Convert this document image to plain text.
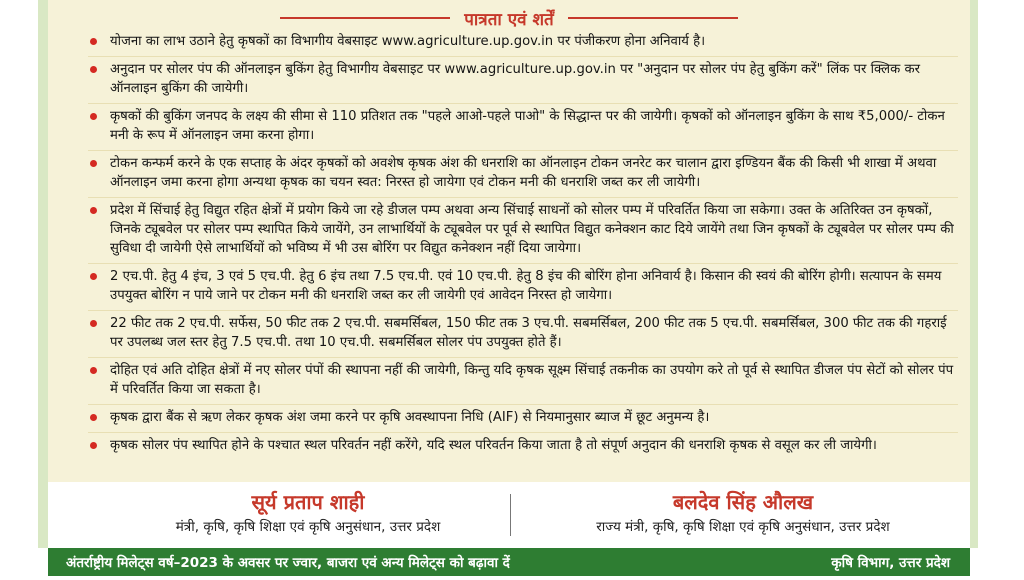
पात्रता एवं शर्तें
योजना का लाभ उठाने हेतु कृषकों का विभागीय वेबसाइट www.agriculture.up.gov.in पर पंजीकरण होना अनिवार्य है।
अनुदान पर सोलर पंप की ऑनलाइन बुकिंग हेतु विभागीय वेबसाइट पर www.agriculture.up.gov.in पर "अनुदान पर सोलर पंप हेतु बुकिंग करें" लिंक पर क्लिक कर ऑनलाइन बुकिंग की जायेगी।
कृषकों की बुकिंग जनपद के लक्ष्य की सीमा से 110 प्रतिशत तक "पहले आओ-पहले पाओ" के सिद्धान्त पर की जायेगी। कृषकों को ऑनलाइन बुकिंग के साथ ₹5,000/- टोकन मनी के रूप में ऑनलाइन जमा करना होगा।
टोकन कन्फर्म करने के एक सप्ताह के अंदर कृषकों को अवशेष कृषक अंश की धनराशि का ऑनलाइन टोकन जनरेट कर चालान द्वारा इण्डियन बैंक की किसी भी शाखा में अथवा ऑनलाइन जमा करना होगा अन्यथा कृषक का चयन स्वत: निरस्त हो जायेगा एवं टोकन मनी की धनराशि जब्त कर ली जायेगी।
प्रदेश में सिंचाई हेतु विद्युत रहित क्षेत्रों में प्रयोग किये जा रहे डीजल पम्प अथवा अन्य सिंचाई साधनों को सोलर पम्प में परिवर्तित किया जा सकेगा। उक्त के अतिरिक्त उन कृषकों, जिनके ट्यूबवेल पर सोलर पम्प स्थापित किये जायेंगे, उन लाभार्थियों के ट्यूबवेल पर पूर्व से स्थापित विद्युत कनेक्शन काट दिये जायेंगे तथा जिन कृषकों के ट्यूबवेल पर सोलर पम्प की सुविधा दी जायेगी ऐसे लाभार्थियों को भविष्य में भी उस बोरिंग पर विद्युत कनेक्शन नहीं दिया जायेगा।
2 एच.पी. हेतु 4 इंच, 3 एवं 5 एच.पी. हेतु 6 इंच तथा 7.5 एच.पी. एवं 10 एच.पी. हेतु 8 इंच की बोरिंग होना अनिवार्य है। किसान की स्वयं की बोरिंग होगी। सत्यापन के समय उपयुक्त बोरिंग न पाये जाने पर टोकन मनी की धनराशि जब्त कर ली जायेगी एवं आवेदन निरस्त हो जायेगा।
22 फीट तक 2 एच.पी. सर्फेस, 50 फीट तक 2 एच.पी. सबमर्सिबल, 150 फीट तक 3 एच.पी. सबमर्सिबल, 200 फीट तक 5 एच.पी. सबमर्सिबल, 300 फीट तक की गहराई पर उपलब्ध जल स्तर हेतु 7.5 एच.पी. तथा 10 एच.पी. सबमर्सिबल सोलर पंप उपयुक्त होते हैं।
दोहित एवं अति दोहित क्षेत्रों में नए सोलर पंपों की स्थापना नहीं की जायेगी, किन्तु यदि कृषक सूक्ष्म सिंचाई तकनीक का उपयोग करे तो पूर्व से स्थापित डीजल पंप सेटों को सोलर पंप में परिवर्तित किया जा सकता है।
कृषक द्वारा बैंक से ऋण लेकर कृषक अंश जमा करने पर कृषि अवस्थापना निधि (AIF) से नियमानुसार ब्याज में छूट अनुमन्य है।
कृषक सोलर पंप स्थापित होने के पश्चात स्थल परिवर्तन नहीं करेंगे, यदि स्थल परिवर्तन किया जाता है तो संपूर्ण अनुदान की धनराशि कृषक से वसूल कर ली जायेगी।
सूर्य प्रताप शाही
मंत्री, कृषि, कृषि शिक्षा एवं कृषि अनुसंधान, उत्तर प्रदेश
बलदेव सिंह औलख
राज्य मंत्री, कृषि, कृषि शिक्षा एवं कृषि अनुसंधान, उत्तर प्रदेश
अंतर्राष्ट्रीय मिलेट्स वर्ष–2023 के अवसर पर ज्वार, बाजरा एवं अन्य मिलेट्स को बढ़ावा दें	कृषि विभाग, उत्तर प्रदेश
